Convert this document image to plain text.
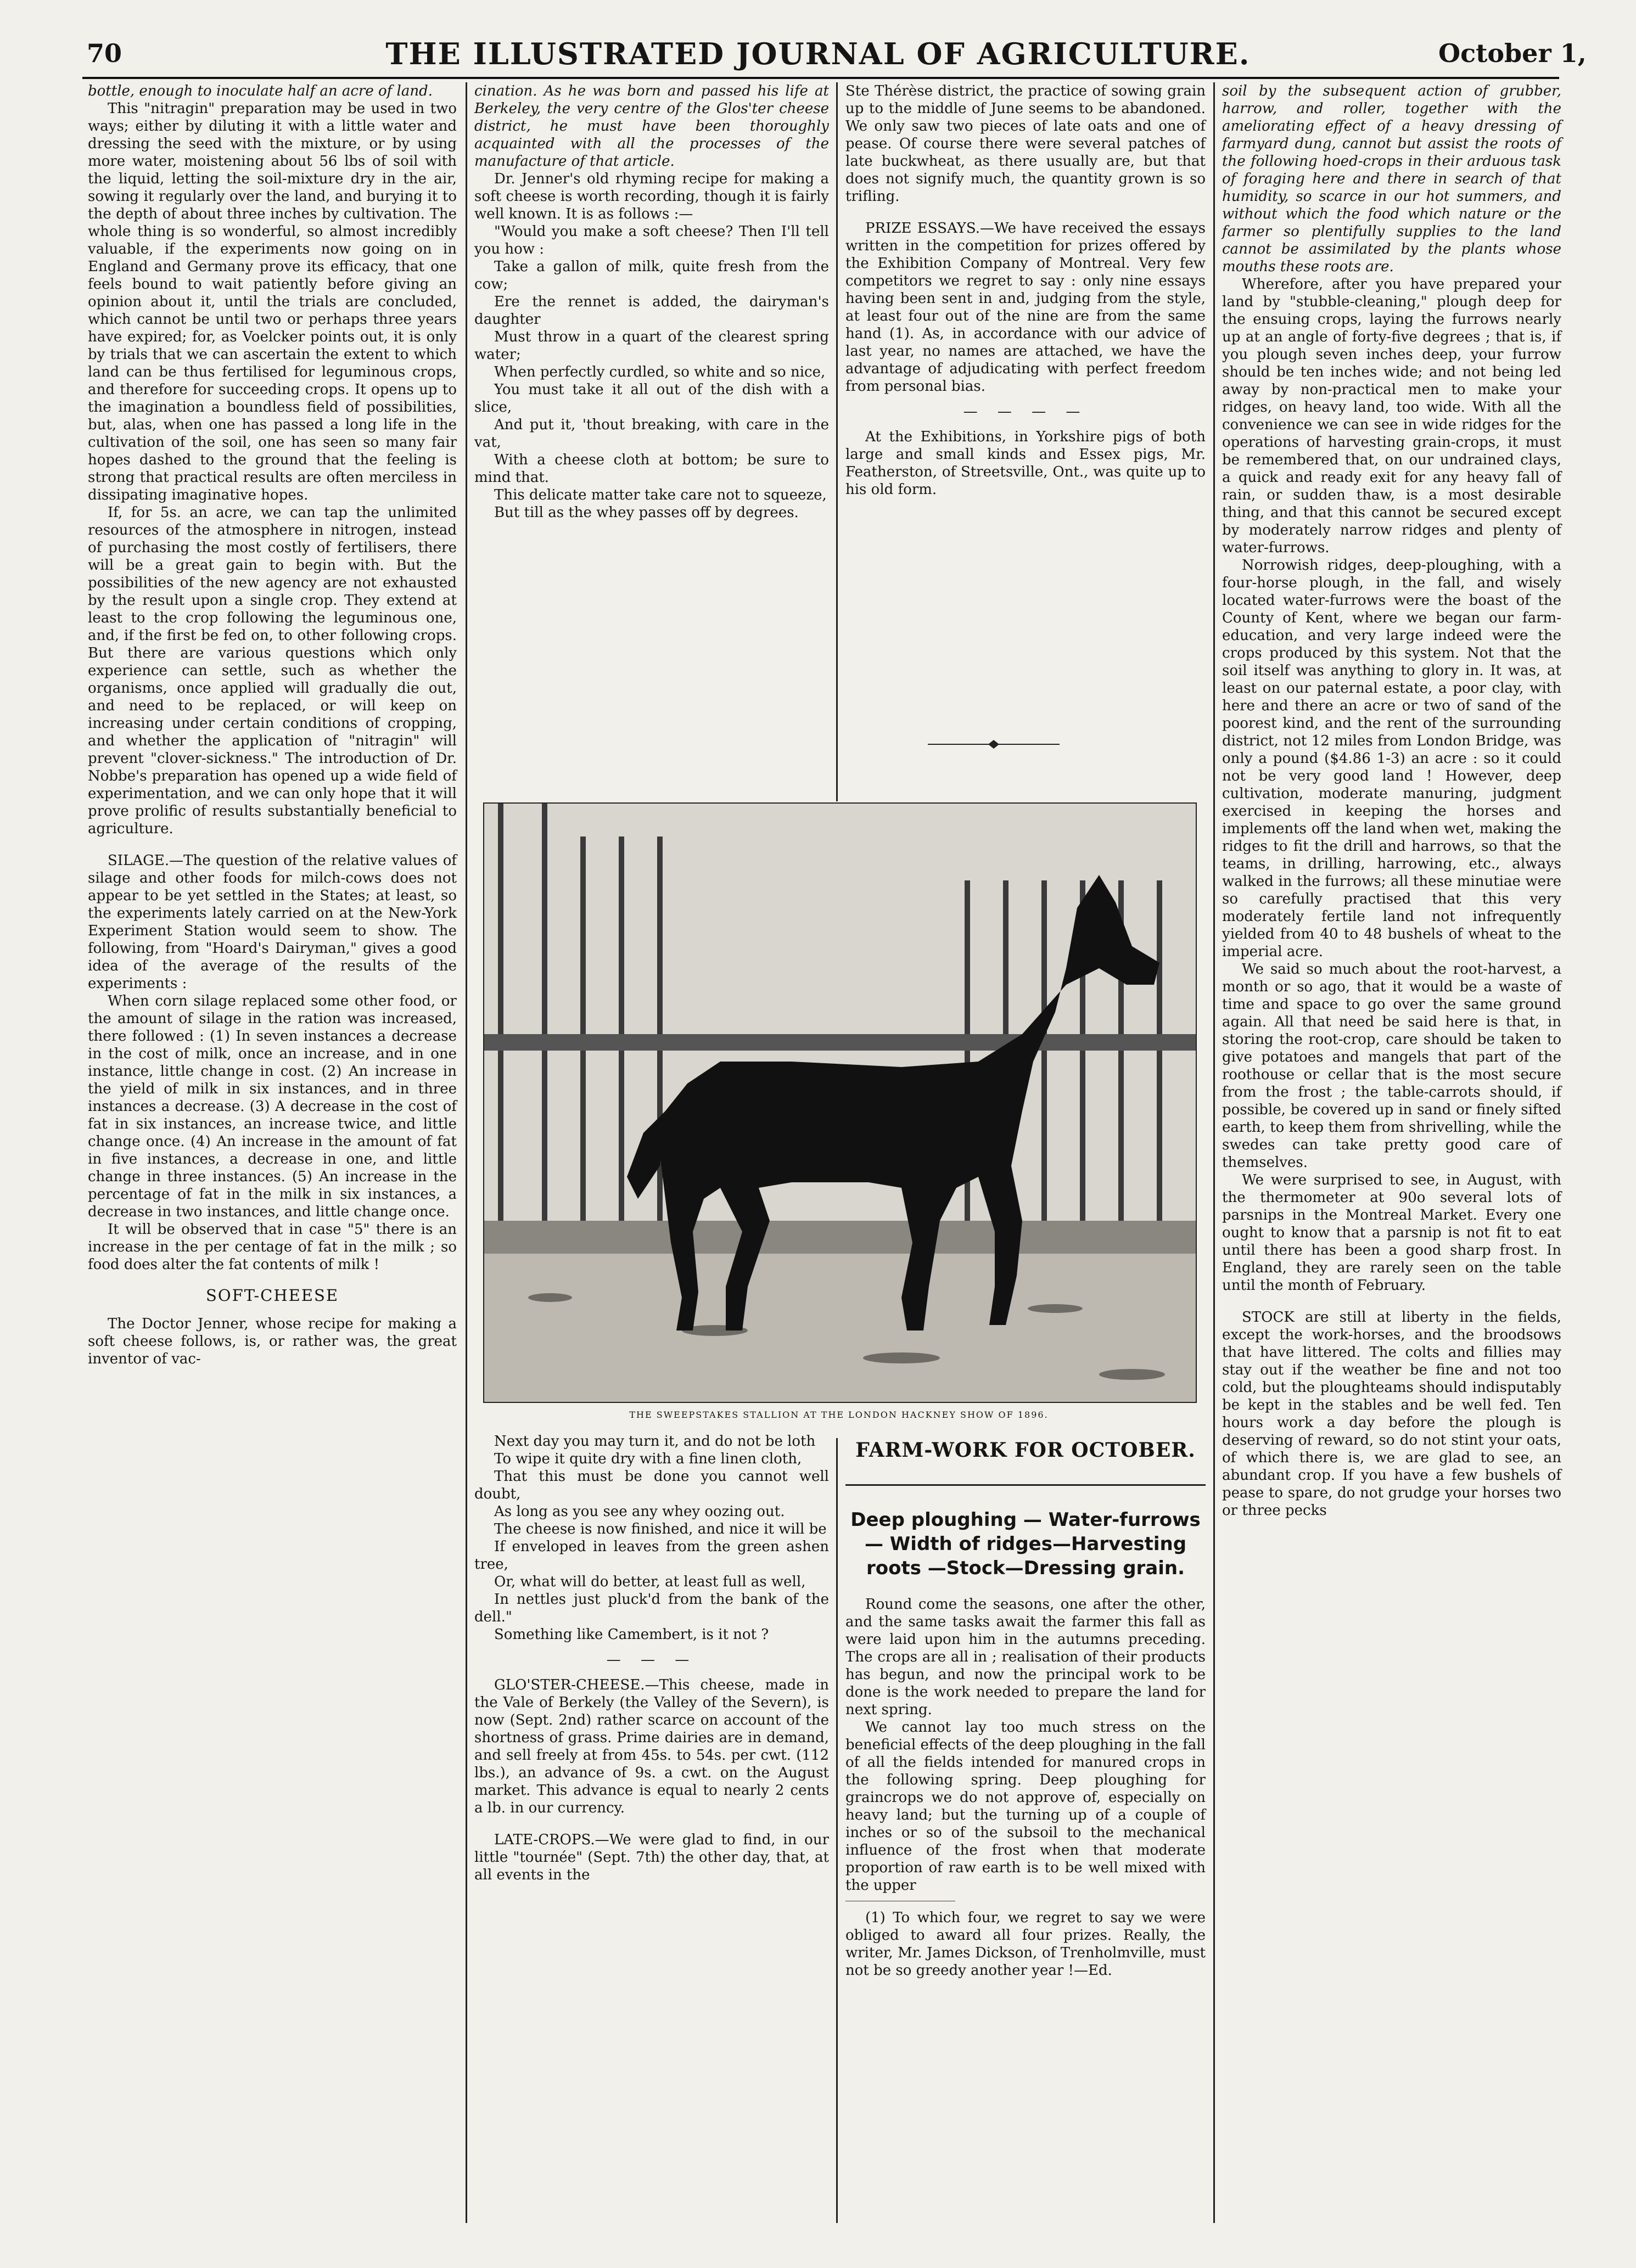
70	THE ILLUSTRATED JOURNAL OF AGRICULTURE.	October 1,

bottle, enough to inoculate half an acre of land.

This "nitragin" preparation may be used in two ways; either by diluting it with a little water and dressing the seed with the mixture, or by using more water, moistening about 56 lbs of soil with the liquid, letting the soil-mixture dry in the air, sowing it regularly over the land, and burying it to the depth of about three inches by cultivation. The whole thing is so wonderful, so almost incredibly valuable, if the experiments now going on in England and Germany prove its efficacy, that one feels bound to wait patiently before giving an opinion about it, until the trials are concluded, which cannot be until two or perhaps three years have expired; for, as Voelcker points out, it is only by trials that we can ascertain the extent to which land can be thus fertilised for leguminous crops, and therefore for succeeding crops. It opens up to the imagination a boundless field of possibilities, but, alas, when one has passed a long life in the cultivation of the soil, one has seen so many fair hopes dashed to the ground that the feeling is strong that practical results are often merciless in dissipating imaginative hopes.

If, for 5s. an acre, we can tap the unlimited resources of the atmosphere in nitrogen, instead of purchasing the most costly of fertilisers, there will be a great gain to begin with. But the possibilities of the new agency are not exhausted by the result upon a single crop. They extend at least to the crop following the leguminous one, and, if the first be fed on, to other following crops. But there are various questions which only experience can settle, such as whether the organisms, once applied will gradually die out, and need to be replaced, or will keep on increasing under certain conditions of cropping, and whether the application of "nitragin" will prevent "clover-sickness." The introduction of Dr. Nobbe's preparation has opened up a wide field of experimentation, and we can only hope that it will prove prolific of results substantially beneficial to agriculture.

SILAGE.—The question of the relative values of silage and other foods for milch-cows does not appear to be yet settled in the States; at least, so the experiments lately carried on at the New-York Experiment Station would seem to show. The following, from "Hoard's Dairyman," gives a good idea of the average of the results of the experiments :

When corn silage replaced some other food, or the amount of silage in the ration was increased, there followed : (1) In seven instances a decrease in the cost of milk, once an increase, and in one instance, little change in cost. (2) An increase in the yield of milk in six instances, and in three instances a decrease. (3) A decrease in the cost of fat in six instances, an increase twice, and little change once. (4) An increase in the amount of fat in five instances, a decrease in one, and little change in three instances. (5) An increase in the percentage of fat in the milk in six instances, a decrease in two instances, and little change once.

It will be observed that in case "5" there is an increase in the per centage of fat in the milk ; so food does alter the fat contents of milk !

SOFT-CHEESE

The Doctor Jenner, whose recipe for making a soft cheese follows, is, or rather was, the great inventor of vac-

cination. As he was born and passed his life at Berkeley, the very centre of the Glos'ter cheese district, he must have been thoroughly acquainted with all the processes of the manufacture of that article.

Dr. Jenner's old rhyming recipe for making a soft cheese is worth recording, though it is fairly well known. It is as follows :—

"Would you make a soft cheese? Then I'll tell you how :

Take a gallon of milk, quite fresh from the cow;

Ere the rennet is added, the dairyman's daughter

Must throw in a quart of the clearest spring water;

When perfectly curdled, so white and so nice,

You must take it all out of the dish with a slice,

And put it, 'thout breaking, with care in the vat,

With a cheese cloth at bottom; be sure to mind that.

This delicate matter take care not to squeeze,

But till as the whey passes off by degrees.

Ste Thérèse district, the practice of sowing grain up to the middle of June seems to be abandoned. We only saw two pieces of late oats and one of pease. Of course there were several patches of late buckwheat, as there usually are, but that does not signify much, the quantity grown is so trifling.

PRIZE ESSAYS.—We have received the essays written in the competition for prizes offered by the Exhibition Company of Montreal. Very few competitors we regret to say : only nine essays having been sent in and, judging from the style, at least four out of the nine are from the same hand (1). As, in accordance with our advice of last year, no names are attached, we have the advantage of adjudicating with perfect freedom from personal bias.

— — — —

At the Exhibitions, in Yorkshire pigs of both large and small kinds and Essex pigs, Mr. Featherston, of Streetsville, Ont., was quite up to his old form.

THE SWEEPSTAKES STALLION AT THE LONDON HACKNEY SHOW OF 1896.

Next day you may turn it, and do not be loth

To wipe it quite dry with a fine linen cloth,

That this must be done you cannot well doubt,

As long as you see any whey oozing out.

The cheese is now finished, and nice it will be

If enveloped in leaves from the green ashen tree,

Or, what will do better, at least full as well,

In nettles just pluck'd from the bank of the dell."

Something like Camembert, is it not ?

— — —

GLO'STER-CHEESE.—This cheese, made in the Vale of Berkely (the Valley of the Severn), is now (Sept. 2nd) rather scarce on account of the shortness of grass. Prime dairies are in demand, and sell freely at from 45s. to 54s. per cwt. (112 lbs.), an advance of 9s. a cwt. on the August market. This advance is equal to nearly 2 cents a lb. in our currency.

LATE-CROPS.—We were glad to find, in our little "tournée" (Sept. 7th) the other day, that, at all events in the

FARM-WORK FOR OCTOBER.
Deep ploughing — Water-furrows — Width of ridges—Harvesting roots —Stock—Dressing grain.

Round come the seasons, one after the other, and the same tasks await the farmer this fall as were laid upon him in the autumns preceding. The crops are all in ; realisation of their products has begun, and now the principal work to be done is the work needed to prepare the land for next spring.

We cannot lay too much stress on the beneficial effects of the deep ploughing in the fall of all the fields intended for manured crops in the following spring. Deep ploughing for graincrops we do not approve of, especially on heavy land; but the turning up of a couple of inches or so of the subsoil to the mechanical influence of the frost when that moderate proportion of raw earth is to be well mixed with the upper

(1) To which four, we regret to say we were obliged to award all four prizes. Really, the writer, Mr. James Dickson, of Trenholmville, must not be so greedy another year !—Ed.

soil by the subsequent action of grubber, harrow, and roller, together with the ameliorating effect of a heavy dressing of farmyard dung, cannot but assist the roots of the following hoed-crops in their arduous task of foraging here and there in search of that humidity, so scarce in our hot summers, and without which the food which nature or the farmer so plentifully supplies to the land cannot be assimilated by the plants whose mouths these roots are.

Wherefore, after you have prepared your land by "stubble-cleaning," plough deep for the ensuing crops, laying the furrows nearly up at an angle of forty-five degrees ; that is, if you plough seven inches deep, your furrow should be ten inches wide; and not being led away by non-practical men to make your ridges, on heavy land, too wide. With all the convenience we can see in wide ridges for the operations of harvesting grain-crops, it must be remembered that, on our undrained clays, a quick and ready exit for any heavy fall of rain, or sudden thaw, is a most desirable thing, and that this cannot be secured except by moderately narrow ridges and plenty of water-furrows.

Norrowish ridges, deep-ploughing, with a four-horse plough, in the fall, and wisely located water-furrows were the boast of the County of Kent, where we began our farm-education, and very large indeed were the crops produced by this system. Not that the soil itself was anything to glory in. It was, at least on our paternal estate, a poor clay, with here and there an acre or two of sand of the poorest kind, and the rent of the surrounding district, not 12 miles from London Bridge, was only a pound ($4.86 1-3) an acre : so it could not be very good land ! However, deep cultivation, moderate manuring, judgment exercised in keeping the horses and implements off the land when wet, making the ridges to fit the drill and harrows, so that the teams, in drilling, harrowing, etc., always walked in the furrows; all these minutiae were so carefully practised that this very moderately fertile land not infrequently yielded from 40 to 48 bushels of wheat to the imperial acre.

We said so much about the root-harvest, a month or so ago, that it would be a waste of time and space to go over the same ground again. All that need be said here is that, in storing the root-crop, care should be taken to give potatoes and mangels that part of the roothouse or cellar that is the most secure from the frost ; the table-carrots should, if possible, be covered up in sand or finely sifted earth, to keep them from shrivelling, while the swedes can take pretty good care of themselves.

We were surprised to see, in August, with the thermometer at 90o several lots of parsnips in the Montreal Market. Every one ought to know that a parsnip is not fit to eat until there has been a good sharp frost. In England, they are rarely seen on the table until the month of February.

STOCK are still at liberty in the fields, except the work-horses, and the broodsows that have littered. The colts and fillies may stay out if the weather be fine and not too cold, but the ploughteams should indisputably be kept in the stables and be well fed. Ten hours work a day before the plough is deserving of reward, so do not stint your oats, of which there is, we are glad to see, an abundant crop. If you have a few bushels of pease to spare, do not grudge your horses two or three pecks
